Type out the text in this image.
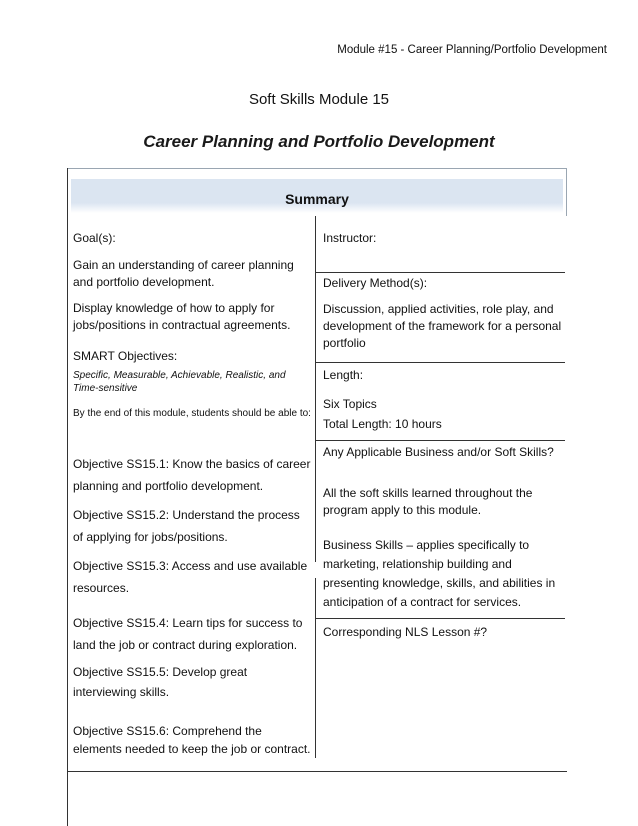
Module #15 - Career Planning/Portfolio Development
Soft Skills Module 15
Career Planning and Portfolio Development
Summary
Goal(s):
Gain an understanding of career planning and portfolio development.
Display knowledge of how to apply for jobs/positions in contractual agreements.
SMART Objectives:
Specific, Measurable, Achievable, Realistic, and Time-sensitive
By the end of this module, students should be able to:
Objective SS15.1: Know the basics of career planning and portfolio development.
Objective SS15.2: Understand the process of applying for jobs/positions.
Objective SS15.3: Access and use available resources.
Objective SS15.4: Learn tips for success to land the job or contract during exploration.
Objective SS15.5: Develop great interviewing skills.
Objective SS15.6: Comprehend the elements needed to keep the job or contract.
Instructor:
Delivery Method(s):
Discussion, applied activities, role play, and development of the framework for a personal portfolio
Length:
Six Topics
Total Length: 10 hours
Any Applicable Business and/or Soft Skills?
All the soft skills learned throughout the program apply to this module.
Business Skills – applies specifically to marketing, relationship building and presenting knowledge, skills, and abilities in anticipation of a contract for services.
Corresponding NLS Lesson #?
